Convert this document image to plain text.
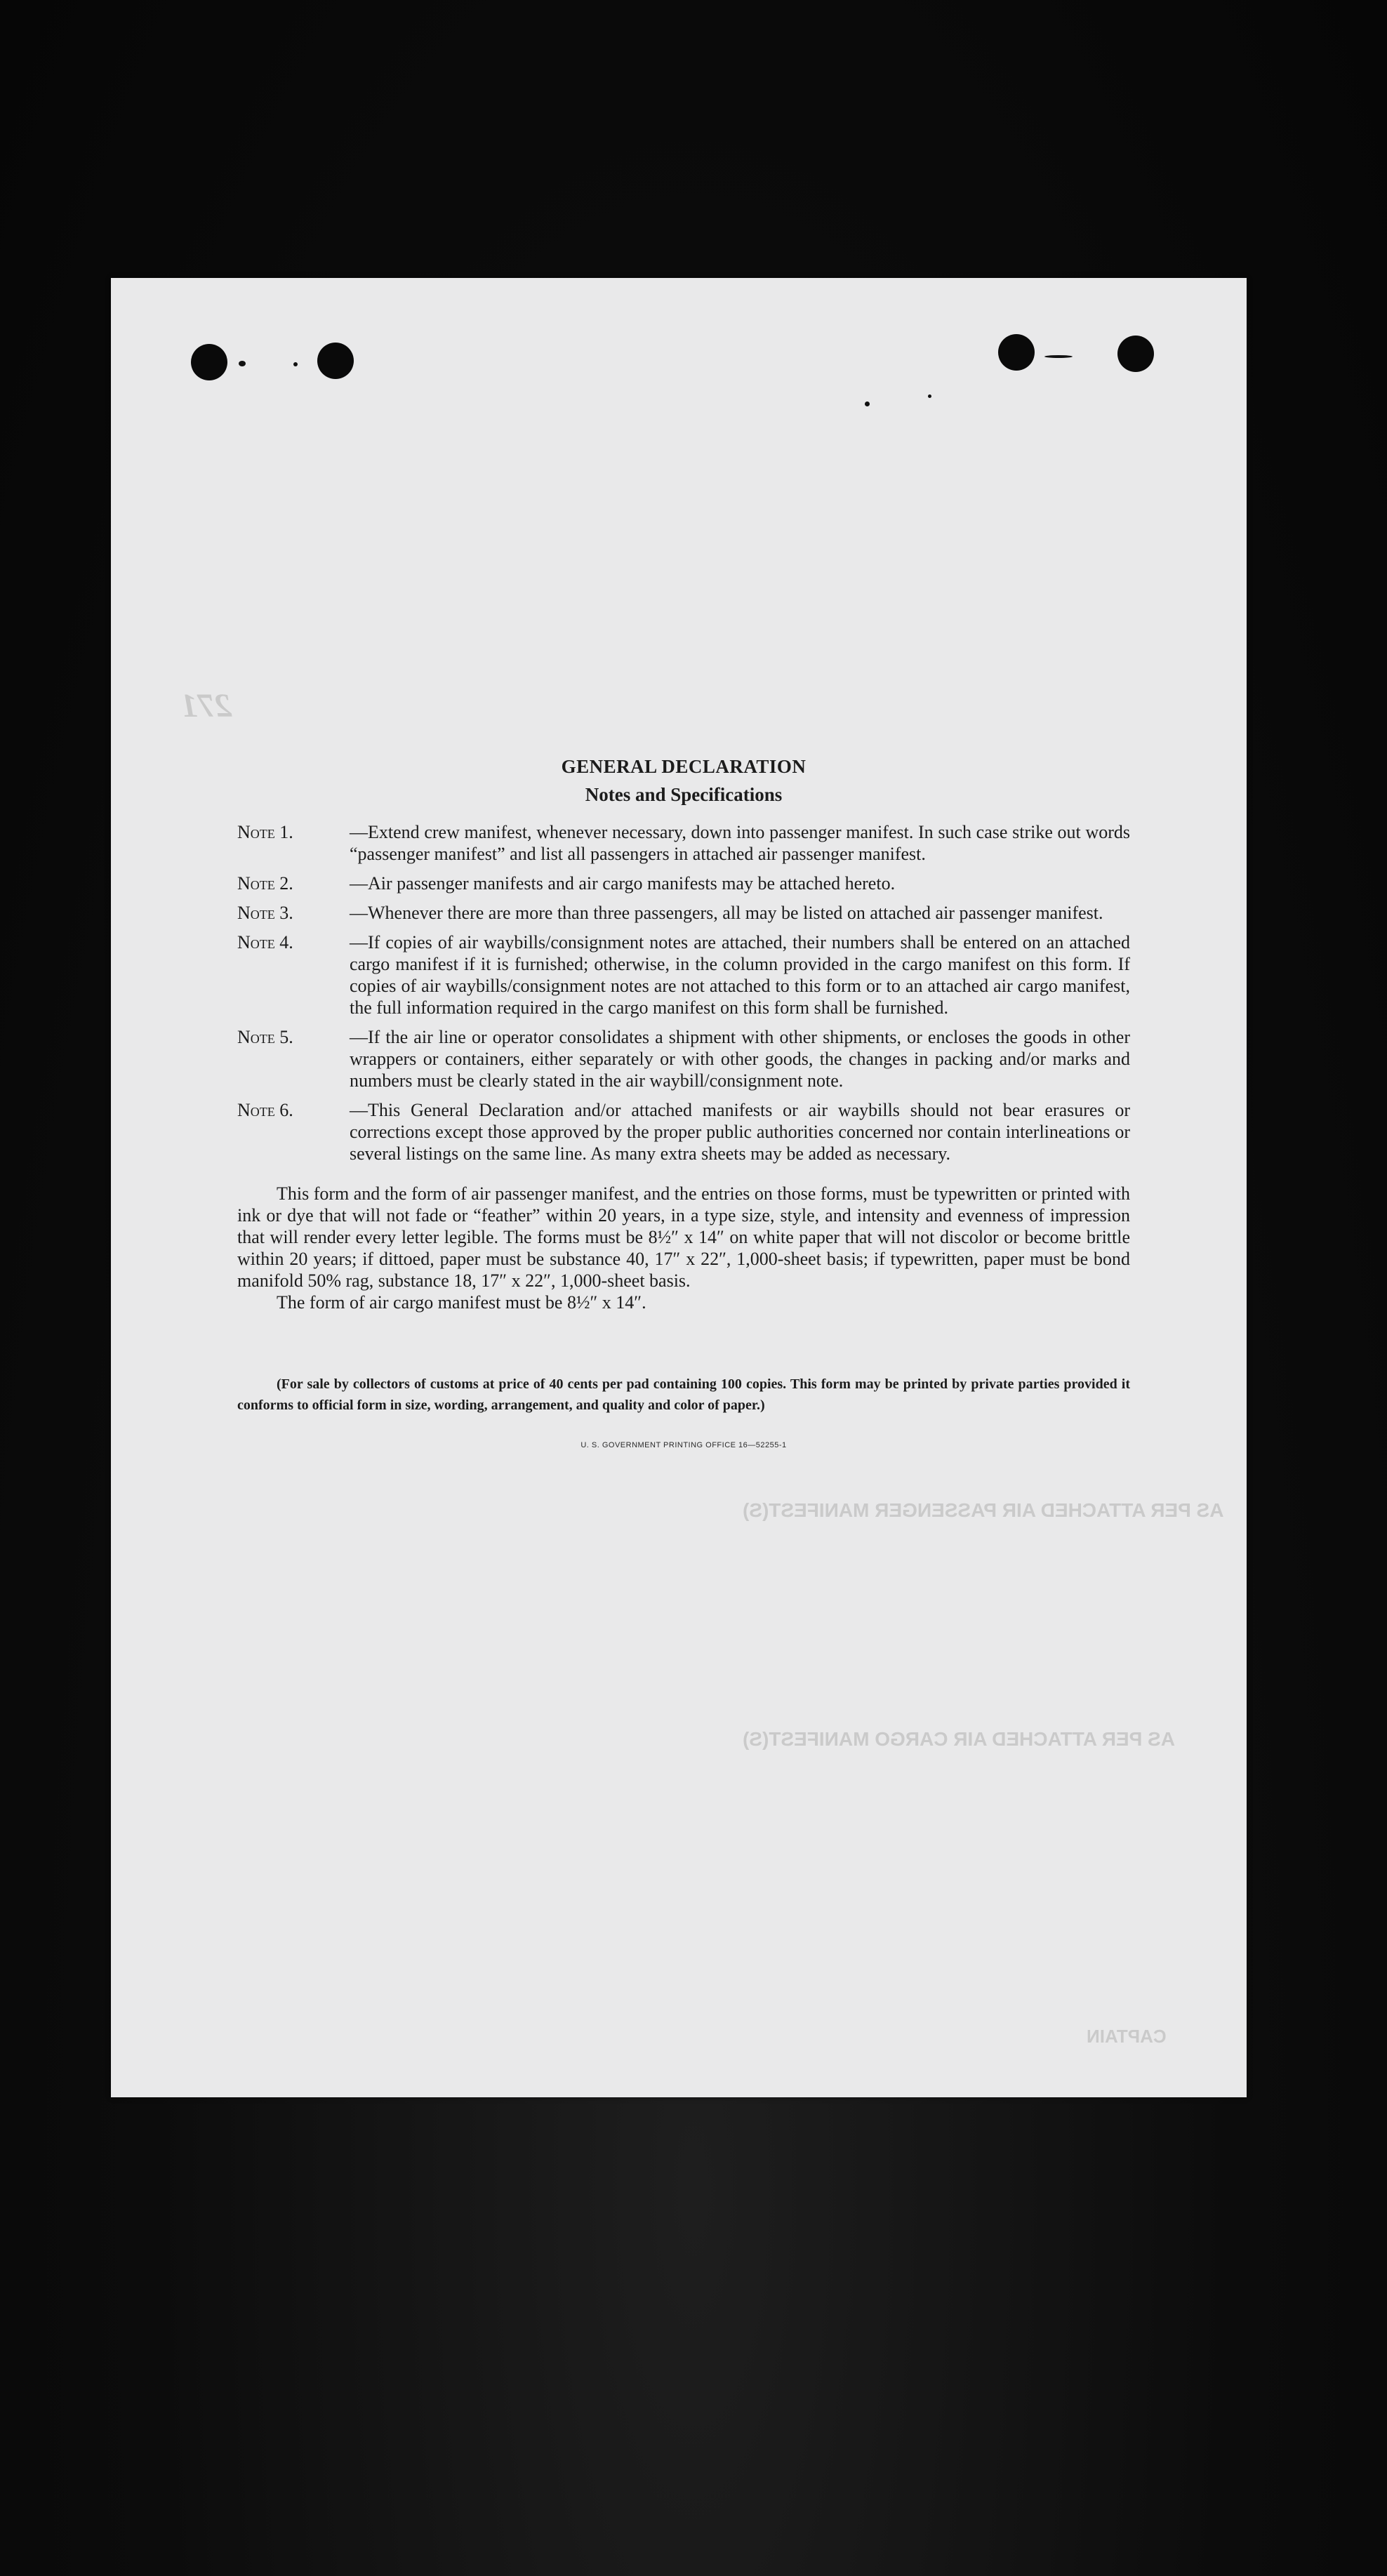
AS PER ATTACHED AIR PASSENGER MANIFEST(S)
AS PER ATTACHED AIR CARGO MANIFEST(S)
CAPTAIN
271
GENERAL DECLARATION
Notes and Specifications
Note 1.	—Extend crew manifest, whenever necessary, down into passenger manifest. In such case strike out words “passenger manifest” and list all passengers in attached air passenger manifest.
Note 2.	—Air passenger manifests and air cargo manifests may be attached hereto.
Note 3.	—Whenever there are more than three passengers, all may be listed on attached air passenger manifest.
Note 4.	—If copies of air waybills/consignment notes are attached, their numbers shall be entered on an attached cargo manifest if it is furnished; otherwise, in the column provided in the cargo manifest on this form. If copies of air waybills/consignment notes are not attached to this form or to an attached air cargo manifest, the full information required in the cargo manifest on this form shall be furnished.
Note 5.	—If the air line or operator consolidates a shipment with other shipments, or encloses the goods in other wrappers or containers, either separately or with other goods, the changes in packing and/or marks and numbers must be clearly stated in the air waybill/consignment note.
Note 6.	—This General Declaration and/or attached manifests or air waybills should not bear erasures or corrections except those approved by the proper public authorities concerned nor contain interlineations or several listings on the same line. As many extra sheets may be added as necessary.

This form and the form of air passenger manifest, and the entries on those forms, must be typewritten or printed with ink or dye that will not fade or “feather” within 20 years, in a type size, style, and intensity and evenness of impression that will render every letter legible. The forms must be 8½″ x 14″ on white paper that will not discolor or become brittle within 20 years; if dittoed, paper must be substance 40, 17″ x 22″, 1,000-sheet basis; if typewritten, paper must be bond manifold 50% rag, substance 18, 17″ x 22″, 1,000-sheet basis.

The form of air cargo manifest must be 8½″ x 14″.

(For sale by collectors of customs at price of 40 cents per pad containing 100 copies. This form may be printed by private parties provided it conforms to official form in size, wording, arrangement, and quality and color of paper.)

U. S. GOVERNMENT PRINTING OFFICE 16—52255-1
